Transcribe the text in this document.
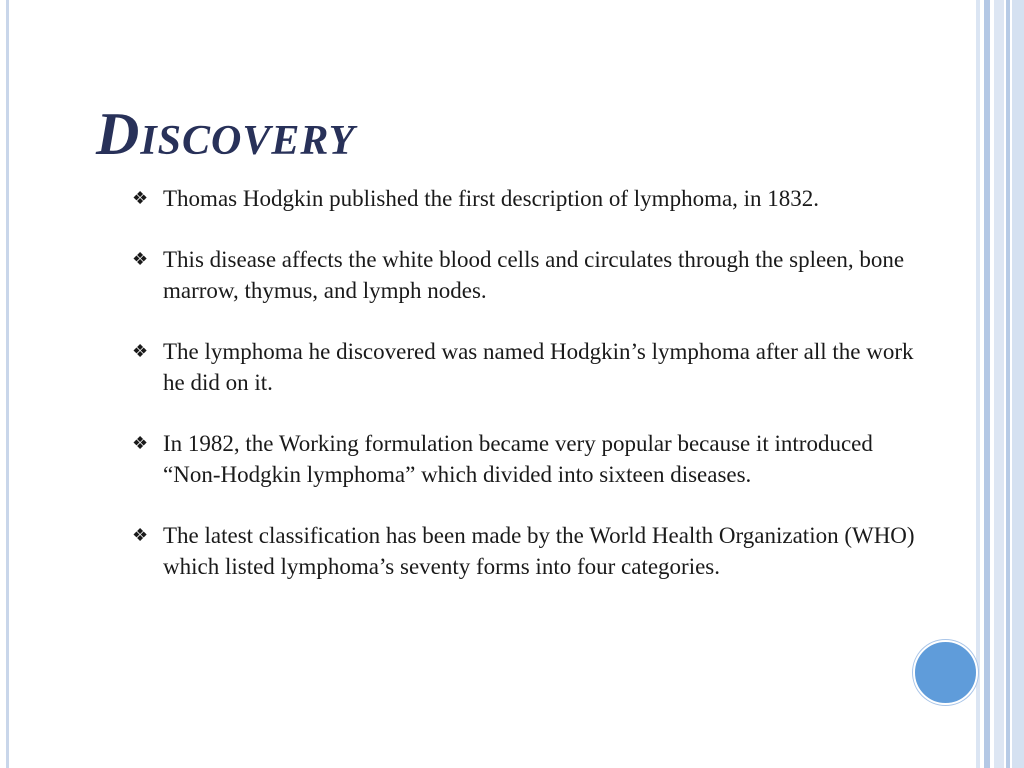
Discovery
❖ Thomas Hodgkin published the first description of lymphoma, in 1832.
❖ This disease affects the white blood cells and circulates through the spleen, bone marrow, thymus, and lymph nodes.
❖ The lymphoma he discovered was named Hodgkin’s lymphoma after all the work he did on it.
❖ In 1982, the Working formulation became very popular because it introduced “Non-Hodgkin lymphoma” which divided into sixteen diseases.
❖ The latest classification has been made by the World Health Organization (WHO) which listed lymphoma’s seventy forms into four categories.
